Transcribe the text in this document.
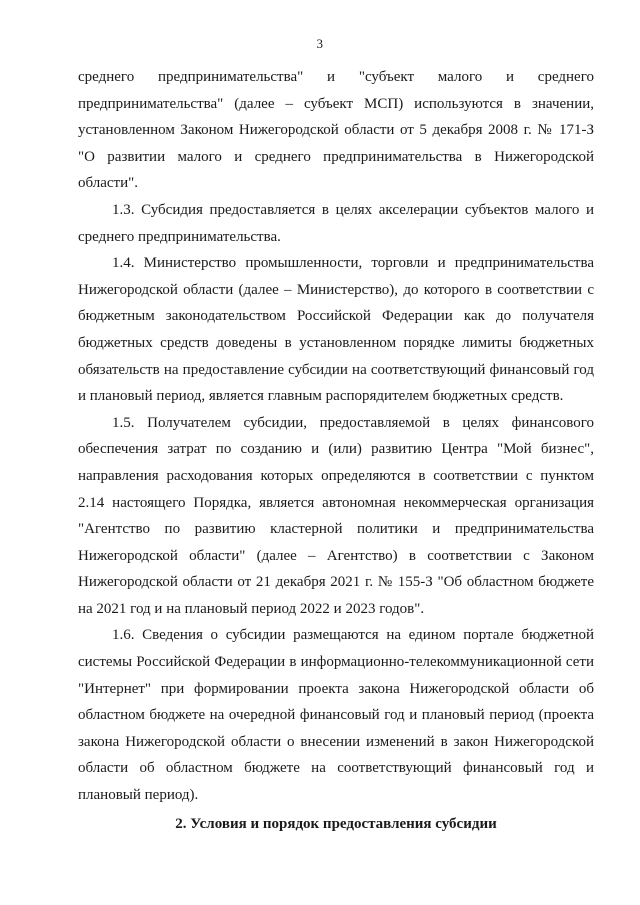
3

среднего предпринимательства" и "субъект малого и среднего предпринимательства" (далее – субъект МСП) используются в значении, установленном Законом Нижегородской области от 5 декабря 2008 г. № 171-З "О развитии малого и среднего предпринимательства в Нижегородской области".

1.3. Субсидия предоставляется в целях акселерации субъектов малого и среднего предпринимательства.

1.4. Министерство промышленности, торговли и предпринимательства Нижегородской области (далее – Министерство), до которого в соответствии с бюджетным законодательством Российской Федерации как до получателя бюджетных средств доведены в установленном порядке лимиты бюджетных обязательств на предоставление субсидии на соответствующий финансовый год и плановый период, является главным распорядителем бюджетных средств.

1.5. Получателем субсидии, предоставляемой в целях финансового обеспечения затрат по созданию и (или) развитию Центра "Мой бизнес", направления расходования которых определяются в соответствии с пунктом 2.14 настоящего Порядка, является автономная некоммерческая организация "Агентство по развитию кластерной политики и предпринимательства Нижегородской области" (далее – Агентство) в соответствии с Законом Нижегородской области от 21 декабря 2021 г. № 155-З "Об областном бюджете на 2021 год и на плановый период 2022 и 2023 годов".

1.6. Сведения о субсидии размещаются на едином портале бюджетной системы Российской Федерации в информационно-телекоммуникационной сети "Интернет" при формировании проекта закона Нижегородской области об областном бюджете на очередной финансовый год и плановый период (проекта закона Нижегородской области о внесении изменений в закон Нижегородской области об областном бюджете на соответствующий финансовый год и плановый период).

2. Условия и порядок предоставления субсидии
